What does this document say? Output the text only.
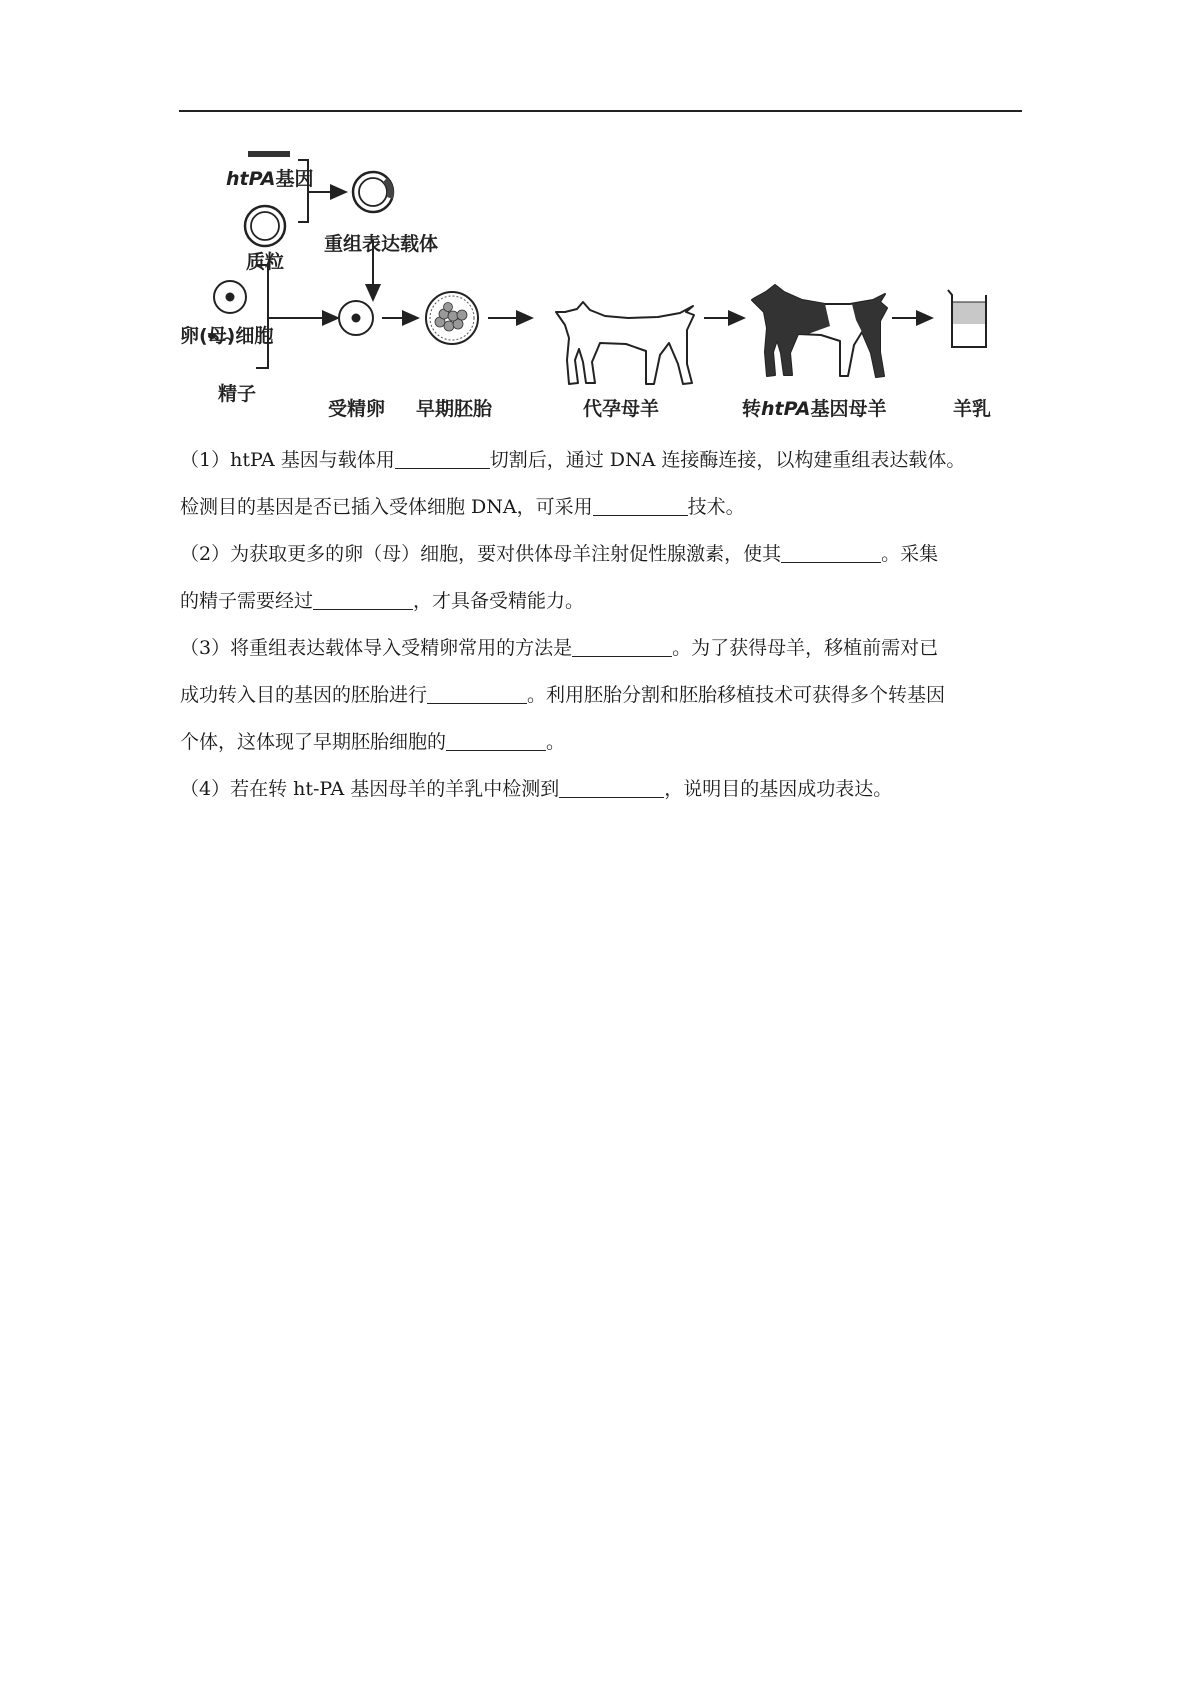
htPA基因
质粒
重组表达载体
卵(母)细胞
精子
受精卵 早期胚胎	代孕母羊	转htPA基因母羊	羊乳

（1）htPA 基因与载体用	切割后，通过 DNA 连接酶连接，以构建重组表达载体。

检测目的基因是否已插入受体细胞 DNA，可采用	技术。

（2）为获取更多的卵（母）细胞，要对供体母羊注射促性腺激素，使其	。采集

的精子需要经过	，才具备受精能力。

（3）将重组表达载体导入受精卵常用的方法是	。为了获得母羊，移植前需对已

成功转入目的基因的胚胎进行	。利用胚胎分割和胚胎移植技术可获得多个转基因

个体，这体现了早期胚胎细胞的	。

（4）若在转 ht-PA 基因母羊的羊乳中检测到	，说明目的基因成功表达。
